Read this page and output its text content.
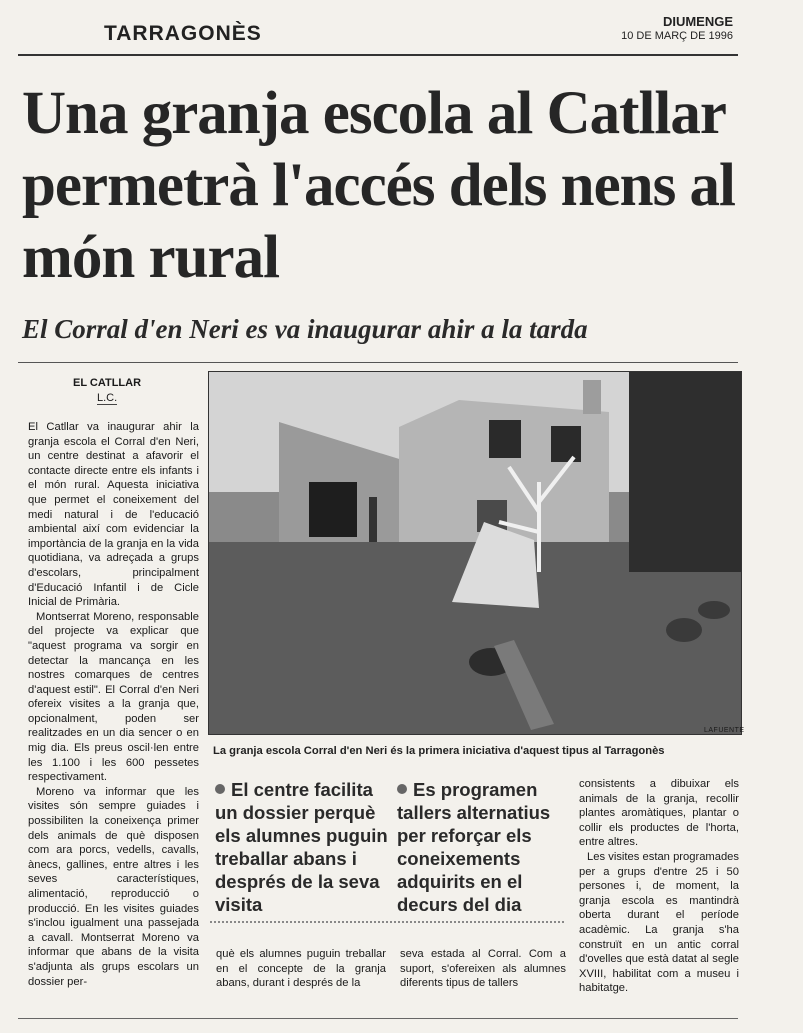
TARRAGONÈS
DIUMENGE
10 DE MARÇ DE 1996
Una granja escola al Catllar permetrà l'accés dels nens al món rural
El Corral d'en Neri es va inaugurar ahir a la tarda
EL CATLLAR
L.C.

El Catllar va inaugurar ahir la granja escola el Corral d'en Neri, un centre destinat a afavorir el contacte directe entre els infants i el món rural. Aquesta iniciativa que permet el coneixement del medi natural i de l'educació ambiental així com evidenciar la importància de la granja en la vida quotidiana, va adreçada a grups d'escolars, principalment d'Educació Infantil i de Cicle Inicial de Primària.

Montserrat Moreno, responsable del projecte va explicar que "aquest programa va sorgir en detectar la mancança en les nostres comarques de centres d'aquest estil". El Corral d'en Neri ofereix visites a la granja que, opcionalment, poden ser realitzades en un dia sencer o en mig dia. Els preus oscil·len entre les 1.100 i les 600 pessetes respectivament.

Moreno va informar que les visites són sempre guiades i possibiliten la coneixença primer dels animals de què disposen com ara porcs, vedells, cavalls, ànecs, gallines, entre altres i les seves característiques, alimentació, reproducció o producció. En les visites guiades s'inclou igualment una passejada a cavall. Montserrat Moreno va informar que abans de la visita s'adjunta als grups escolars un dossier per-

LAFUENTE
La granja escola Corral d'en Neri és la primera iniciativa d'aquest tipus al Tarragonès

El centre facilita un dossier perquè els alumnes puguin treballar abans i després de la seva visita

Es programen tallers alternatius per reforçar els coneixements adquirits en el decurs del dia

què els alumnes puguin treballar en el concepte de la granja abans, durant i després de la

seva estada al Corral. Com a suport, s'ofereixen als alumnes diferents tipus de tallers

consistents a dibuixar els animals de la granja, recollir plantes aromàtiques, plantar o collir els productes de l'horta, entre altres.

Les visites estan programades per a grups d'entre 25 i 50 persones i, de moment, la granja escola es mantindrà oberta durant el període acadèmic. La granja s'ha construït en un antic corral d'ovelles que està datat al segle XVIII, habilitat com a museu i habitatge.
